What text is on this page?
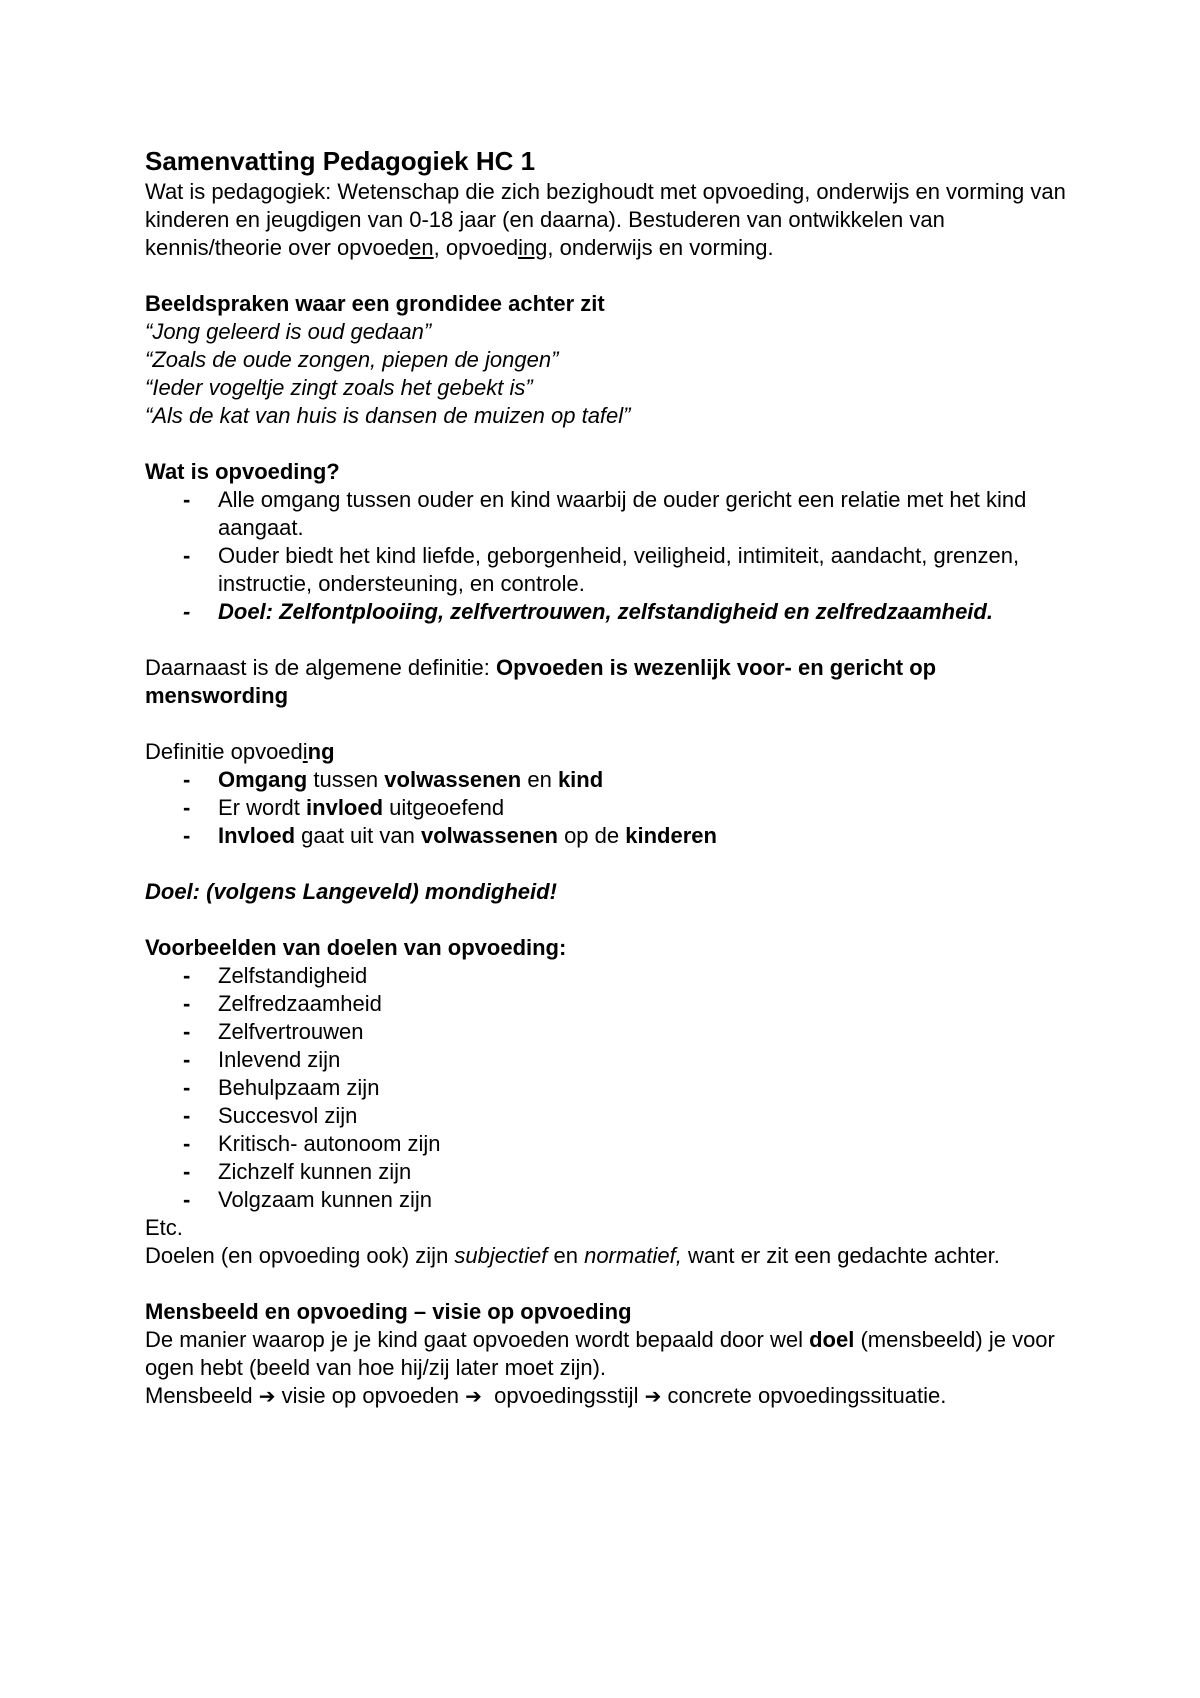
Samenvatting Pedagogiek HC 1

Wat is pedagogiek: Wetenschap die zich bezighoudt met opvoeding, onderwijs en vorming van kinderen en jeugdigen van 0-18 jaar (en daarna). Bestuderen van ontwikkelen van kennis/theorie over opvoeden, opvoeding, onderwijs en vorming.

Beeldspraken waar een grondidee achter zit

“Jong geleerd is oud gedaan”

“Zoals de oude zongen, piepen de jongen”

“Ieder vogeltje zingt zoals het gebekt is”

“Als de kat van huis is dansen de muizen op tafel”

Wat is opvoeding?
- Alle omgang tussen ouder en kind waarbij de ouder gericht een relatie met het kind aangaat.
- Ouder biedt het kind liefde, geborgenheid, veiligheid, intimiteit, aandacht, grenzen, instructie, ondersteuning, en controle.
- Doel: Zelfontplooiing, zelfvertrouwen, zelfstandigheid en zelfredzaamheid.

Daarnaast is de algemene definitie: Opvoeden is wezenlijk voor- en gericht op menswording

Definitie opvoeding

- Omgang tussen volwassenen en kind
- Er wordt invloed uitgeoefend
- Invloed gaat uit van volwassenen op de kinderen

Doel: (volgens Langeveld) mondigheid!

Voorbeelden van doelen van opvoeding:
- Zelfstandigheid
- Zelfredzaamheid
- Zelfvertrouwen
- Inlevend zijn
- Behulpzaam zijn
- Succesvol zijn
- Kritisch- autonoom zijn
- Zichzelf kunnen zijn
- Volgzaam kunnen zijn

Etc.

Doelen (en opvoeding ook) zijn subjectief en normatief, want er zit een gedachte achter.

Mensbeeld en opvoeding – visie op opvoeding

De manier waarop je je kind gaat opvoeden wordt bepaald door wel doel (mensbeeld) je voor ogen hebt (beeld van hoe hij/zij later moet zijn).

Mensbeeld ➔ visie op opvoeden ➔ opvoedingsstijl ➔ concrete opvoedingssituatie.
